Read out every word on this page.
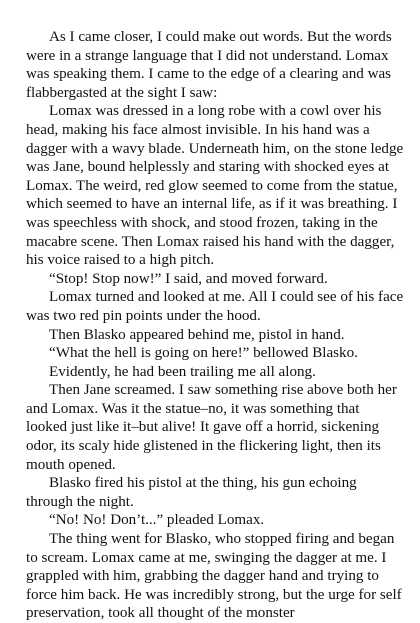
As I came closer, I could make out words. But the words were in a strange language that I did not understand. Lomax was speaking them. I came to the edge of a clearing and was flabbergasted at the sight I saw:

Lomax was dressed in a long robe with a cowl over his head, making his face almost invisible. In his hand was a dagger with a wavy blade. Underneath him, on the stone ledge was Jane, bound helplessly and staring with shocked eyes at Lomax. The weird, red glow seemed to come from the statue, which seemed to have an internal life, as if it was breathing. I was speechless with shock, and stood frozen, taking in the macabre scene. Then Lomax raised his hand with the dagger, his voice raised to a high pitch.

“Stop! Stop now!” I said, and moved forward.

Lomax turned and looked at me. All I could see of his face was two red pin points under the hood.

Then Blasko appeared behind me, pistol in hand.

“What the hell is going on here!” bellowed Blasko.

Evidently, he had been trailing me all along.

Then Jane screamed. I saw something rise above both her and Lomax. Was it the statue–no, it was something that looked just like it–but alive! It gave off a horrid, sickening odor, its scaly hide glistened in the flickering light, then its mouth opened.

Blasko fired his pistol at the thing, his gun echoing through the night.

“No! No! Don’t...” pleaded Lomax.

The thing went for Blasko, who stopped firing and began to scream. Lomax came at me, swinging the dagger at me. I grappled with him, grabbing the dagger hand and trying to force him back. He was incredibly strong, but the urge for self preservation, took all thought of the monster
